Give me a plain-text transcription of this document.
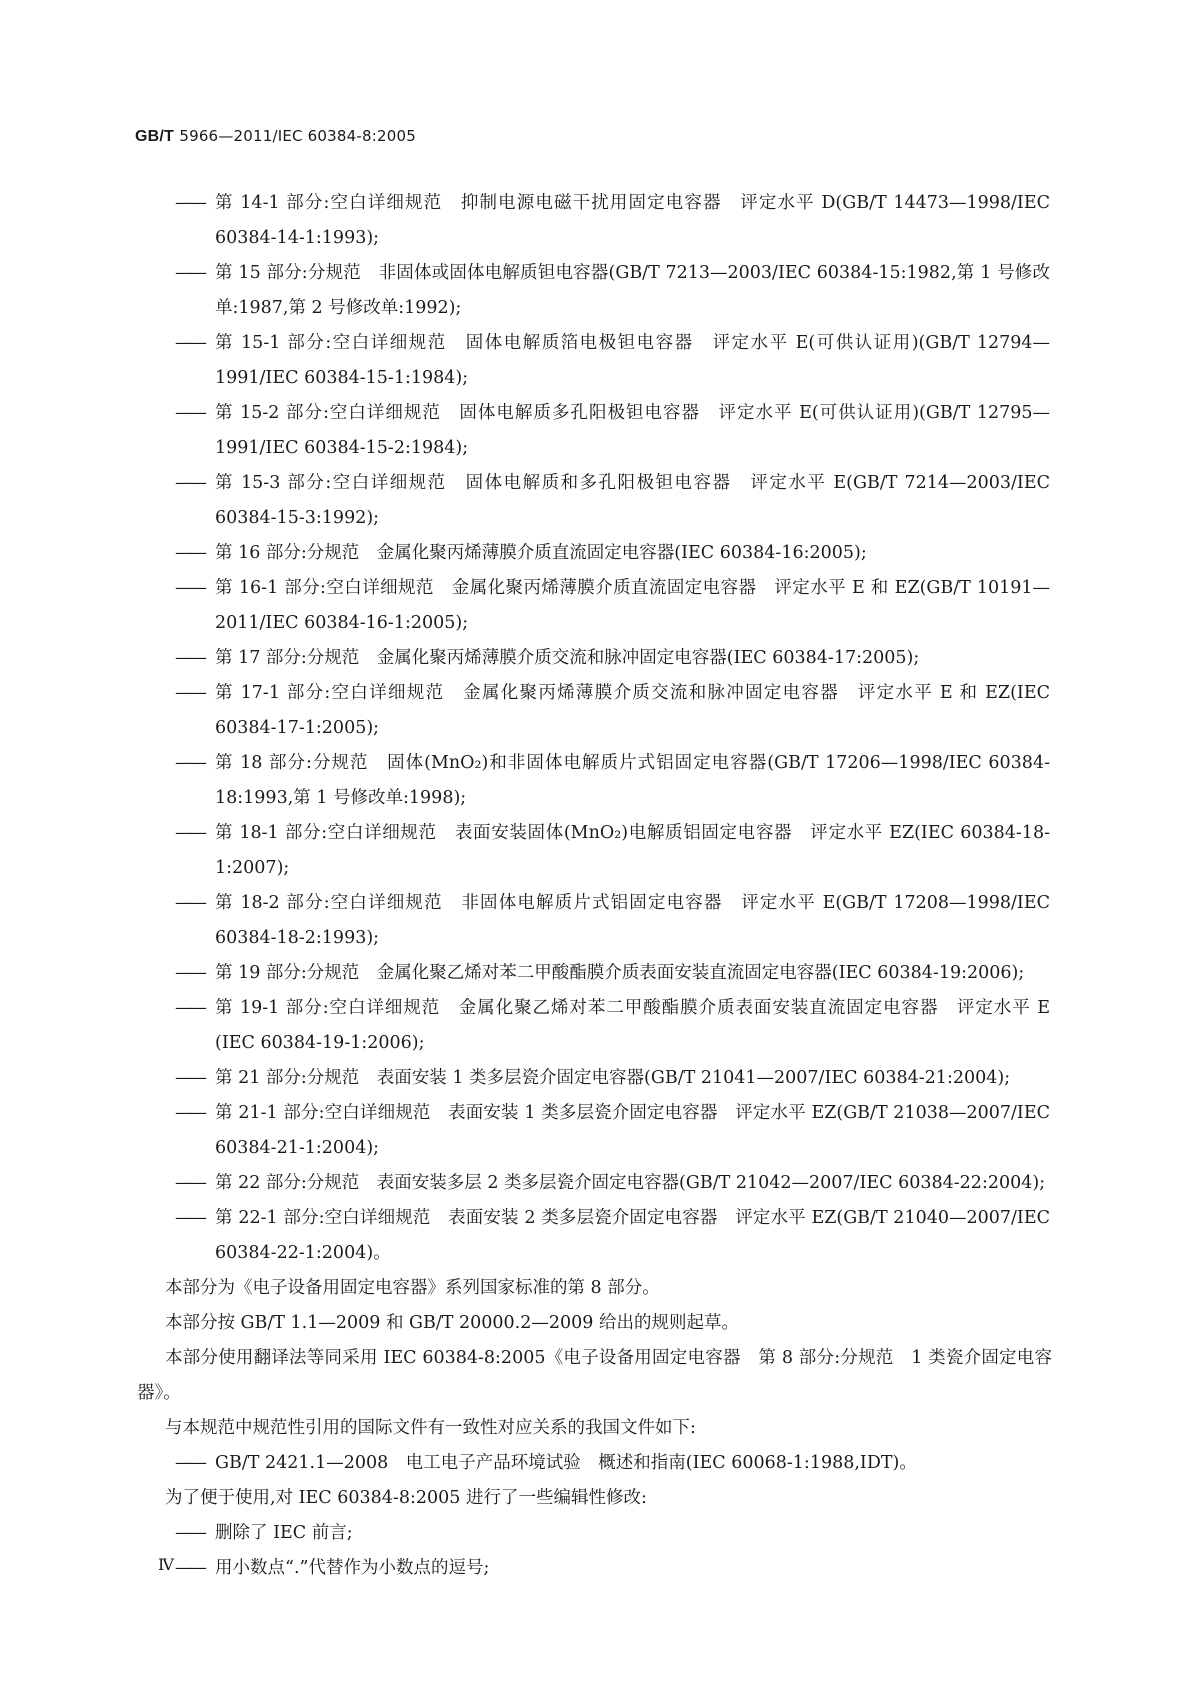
GB/T 5966—2011/IEC 60384-8:2005
—— 第 14-1 部分:空白详细规范　抑制电源电磁干扰用固定电容器　评定水平 D(GB/T 14473—1998/IEC 60384-14-1:1993);
—— 第 15 部分:分规范　非固体或固体电解质钽电容器(GB/T 7213—2003/IEC 60384-15:1982,第 1 号修改单:1987,第 2 号修改单:1992);
—— 第 15-1 部分:空白详细规范　固体电解质箔电极钽电容器　评定水平 E(可供认证用)(GB/T 12794—1991/IEC 60384-15-1:1984);
—— 第 15-2 部分:空白详细规范　固体电解质多孔阳极钽电容器　评定水平 E(可供认证用)(GB/T 12795—1991/IEC 60384-15-2:1984);
—— 第 15-3 部分:空白详细规范　固体电解质和多孔阳极钽电容器　评定水平 E(GB/T 7214—2003/IEC 60384-15-3:1992);
—— 第 16 部分:分规范　金属化聚丙烯薄膜介质直流固定电容器(IEC 60384-16:2005);
—— 第 16-1 部分:空白详细规范　金属化聚丙烯薄膜介质直流固定电容器　评定水平 E 和 EZ(GB/T 10191—2011/IEC 60384-16-1:2005);
—— 第 17 部分:分规范　金属化聚丙烯薄膜介质交流和脉冲固定电容器(IEC 60384-17:2005);
—— 第 17-1 部分:空白详细规范　金属化聚丙烯薄膜介质交流和脉冲固定电容器　评定水平 E 和 EZ(IEC 60384-17-1:2005);
—— 第 18 部分:分规范　固体(MnO₂)和非固体电解质片式铝固定电容器(GB/T 17206—1998/IEC 60384-18:1993,第 1 号修改单:1998);
—— 第 18-1 部分:空白详细规范　表面安装固体(MnO₂)电解质铝固定电容器　评定水平 EZ(IEC 60384-18-1:2007);
—— 第 18-2 部分:空白详细规范　非固体电解质片式铝固定电容器　评定水平 E(GB/T 17208—1998/IEC 60384-18-2:1993);
—— 第 19 部分:分规范　金属化聚乙烯对苯二甲酸酯膜介质表面安装直流固定电容器(IEC 60384-19:2006);
—— 第 19-1 部分:空白详细规范　金属化聚乙烯对苯二甲酸酯膜介质表面安装直流固定电容器　评定水平 E (IEC 60384-19-1:2006);
—— 第 21 部分:分规范　表面安装 1 类多层瓷介固定电容器(GB/T 21041—2007/IEC 60384-21:2004);
—— 第 21-1 部分:空白详细规范　表面安装 1 类多层瓷介固定电容器　评定水平 EZ(GB/T 21038—2007/IEC 60384-21-1:2004);
—— 第 22 部分:分规范　表面安装多层 2 类多层瓷介固定电容器(GB/T 21042—2007/IEC 60384-22:2004);
—— 第 22-1 部分:空白详细规范　表面安装 2 类多层瓷介固定电容器　评定水平 EZ(GB/T 21040—2007/IEC 60384-22-1:2004)。
本部分为《电子设备用固定电容器》系列国家标准的第 8 部分。
本部分按 GB/T 1.1—2009 和 GB/T 20000.2—2009 给出的规则起草。
本部分使用翻译法等同采用 IEC 60384-8:2005《电子设备用固定电容器　第 8 部分:分规范　1 类瓷介固定电容器》。
与本规范中规范性引用的国际文件有一致性对应关系的我国文件如下:
—— GB/T 2421.1—2008　电工电子产品环境试验　概述和指南(IEC 60068-1:1988,IDT)。
为了便于使用,对 IEC 60384-8:2005 进行了一些编辑性修改:
—— 删除了 IEC 前言;
—— 用小数点“.”代替作为小数点的逗号;
Ⅳ
